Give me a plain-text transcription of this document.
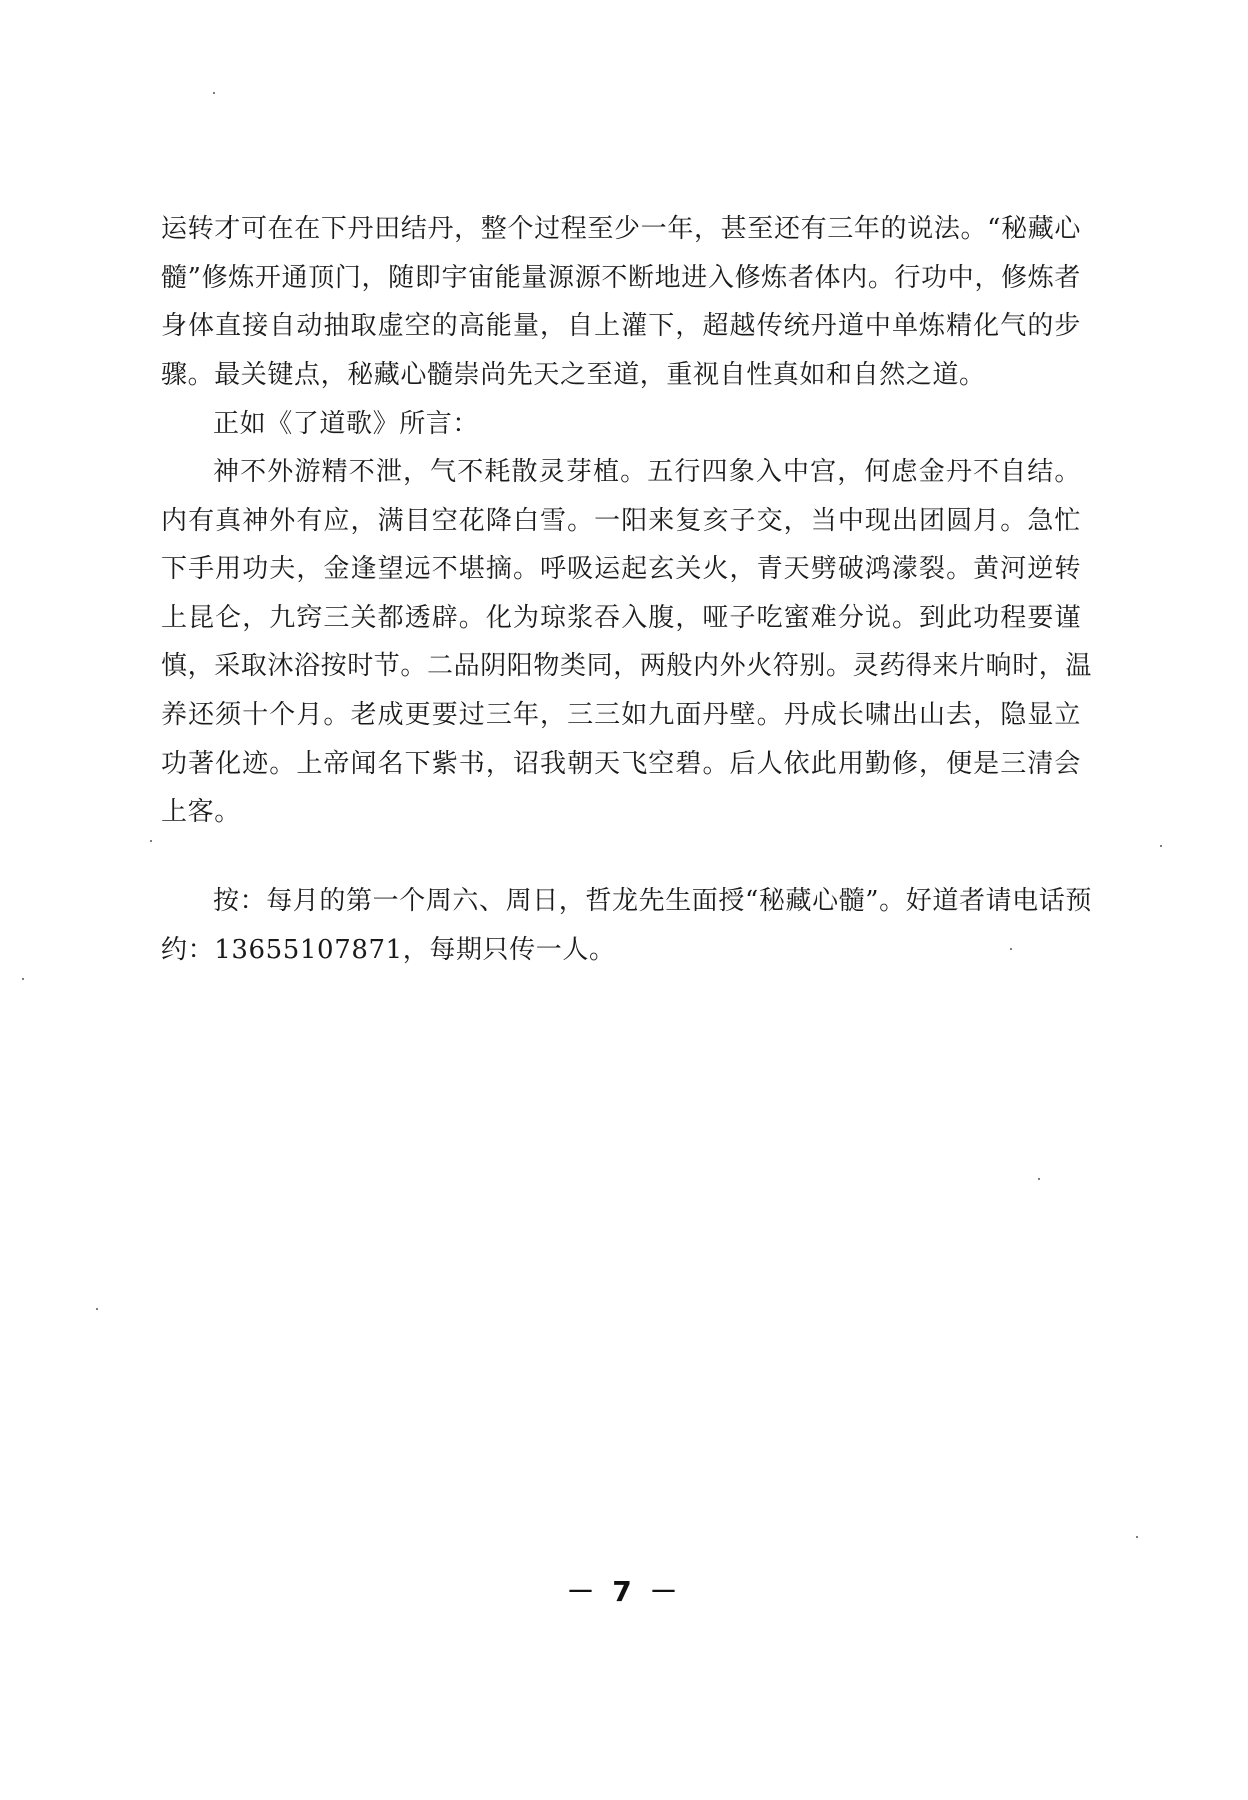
运转才可在在下丹田结丹，整个过程至少一年，甚至还有三年的说法。“秘藏心
髓”修炼开通顶门，随即宇宙能量源源不断地进入修炼者体内。行功中，修炼者
身体直接自动抽取虚空的高能量，自上灌下，超越传统丹道中单炼精化气的步
骤。最关键点，秘藏心髓崇尚先天之至道，重视自性真如和自然之道。
正如《了道歌》所言：
神不外游精不泄，气不耗散灵芽植。五行四象入中宫，何虑金丹不自结。
内有真神外有应，满目空花降白雪。一阳来复亥子交，当中现出团圆月。急忙
下手用功夫，金逢望远不堪摘。呼吸运起玄关火，青天劈破鸿濛裂。黄河逆转
上昆仑，九窍三关都透辟。化为琼浆吞入腹，哑子吃蜜难分说。到此功程要谨
慎，采取沐浴按时节。二品阴阳物类同，两般内外火符别。灵药得来片晌时，温
养还须十个月。老成更要过三年，三三如九面丹壁。丹成长啸出山去，隐显立
功著化迹。上帝闻名下紫书，诏我朝天飞空碧。后人依此用勤修，便是三清会
上客。
按：每月的第一个周六、周日，哲龙先生面授“秘藏心髓”。好道者请电话预
约：13655107871，每期只传一人。
－ 7 －
